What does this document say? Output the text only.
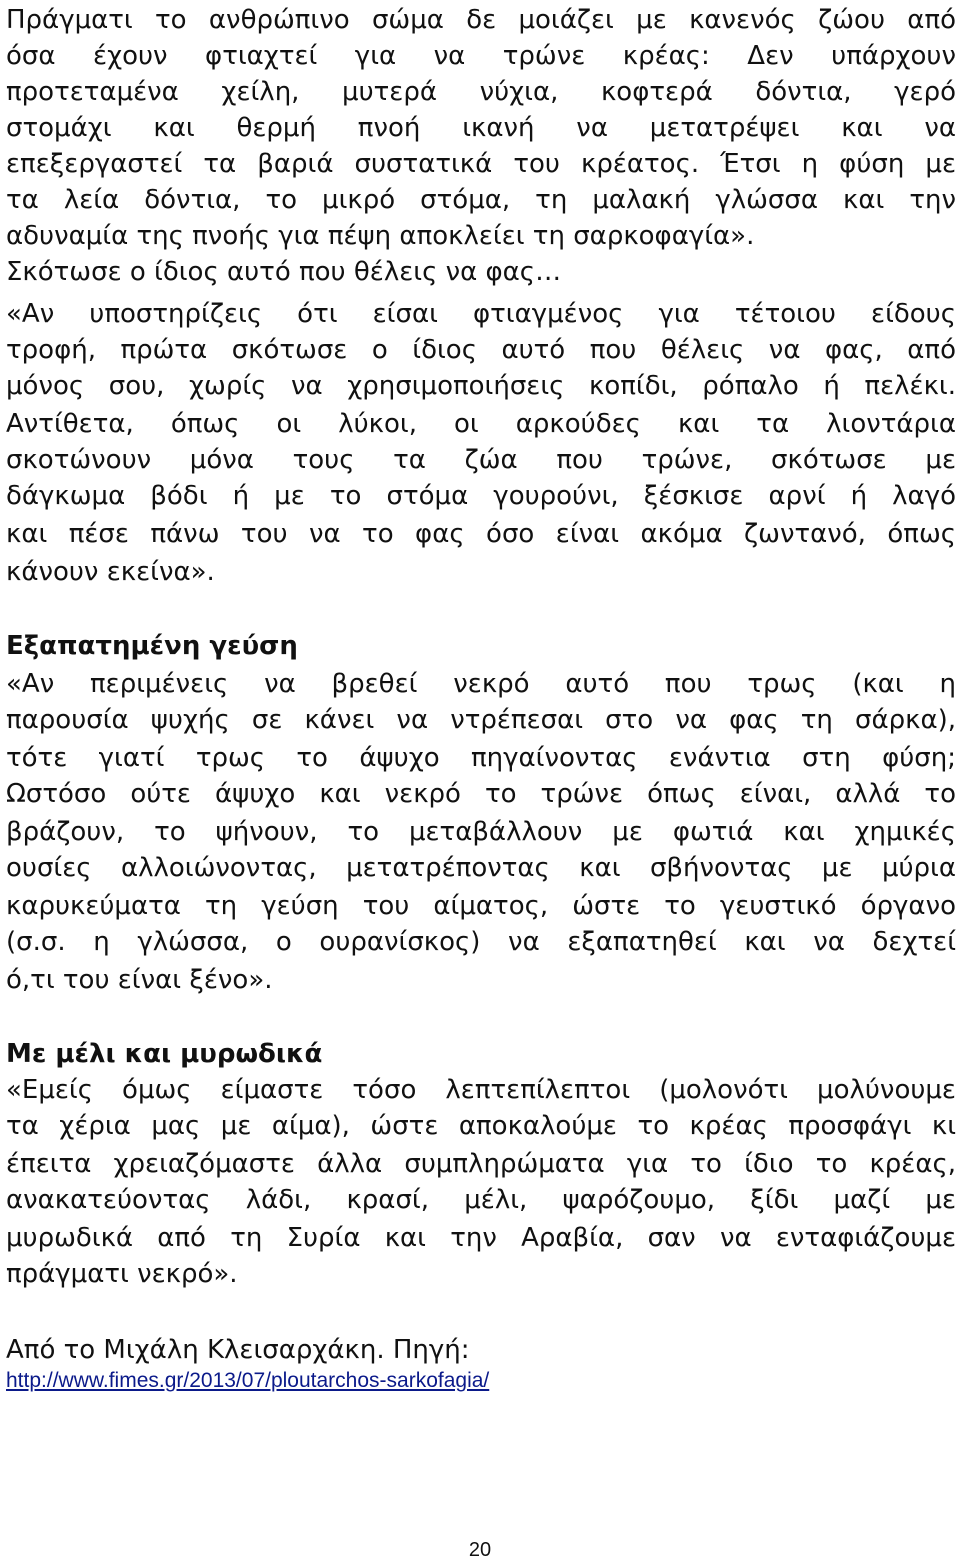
Πράγματι το ανθρώπινο σώμα δε μοιάζει με κανενός ζώου από
όσα έχουν φτιαχτεί για να τρώνε κρέας: Δεν υπάρχουν
προτεταμένα χείλη, μυτερά νύχια, κοφτερά δόντια, γερό
στομάχι και θερμή πνοή ικανή να μετατρέψει και να
επεξεργαστεί τα βαριά συστατικά του κρέατος. Έτσι η φύση με
τα λεία δόντια, το μικρό στόμα, τη μαλακή γλώσσα και την
αδυναμία της πνοής για πέψη αποκλείει τη σαρκοφαγία».
Σκότωσε ο ίδιος αυτό που θέλεις να φας…
«Αν υποστηρίζεις ότι είσαι φτιαγμένος για τέτοιου είδους
τροφή, πρώτα σκότωσε ο ίδιος αυτό που θέλεις να φας, από
μόνος σου, χωρίς να χρησιμοποιήσεις κοπίδι, ρόπαλο ή πελέκι.
Αντίθετα, όπως οι λύκοι, οι αρκούδες και τα λιοντάρια
σκοτώνουν μόνα τους τα ζώα που τρώνε, σκότωσε με
δάγκωμα βόδι ή με το στόμα γουρούνι, ξέσκισε αρνί ή λαγό
και πέσε πάνω του να το φας όσο είναι ακόμα ζωντανό, όπως
κάνουν εκείνα».
Εξαπατημένη γεύση
«Αν περιμένεις να βρεθεί νεκρό αυτό που τρως (και η
παρουσία ψυχής σε κάνει να ντρέπεσαι στο να φας τη σάρκα),
τότε γιατί τρως το άψυχο πηγαίνοντας ενάντια στη φύση;
Ωστόσο ούτε άψυχο και νεκρό το τρώνε όπως είναι, αλλά το
βράζουν, το ψήνουν, το μεταβάλλουν με φωτιά και χημικές
ουσίες αλλοιώνοντας, μετατρέποντας και σβήνοντας με μύρια
καρυκεύματα τη γεύση του αίματος, ώστε το γευστικό όργανο
(σ.σ. η γλώσσα, ο ουρανίσκος) να εξαπατηθεί και να δεχτεί
ό,τι του είναι ξένο».
Με μέλι και μυρωδικά
«Εμείς όμως είμαστε τόσο λεπτεπίλεπτοι (μολονότι μολύνουμε
τα χέρια μας με αίμα), ώστε αποκαλούμε το κρέας προσφάγι κι
έπειτα χρειαζόμαστε άλλα συμπληρώματα για το ίδιο το κρέας,
ανακατεύοντας λάδι, κρασί, μέλι, ψαρόζουμο, ξίδι μαζί με
μυρωδικά από τη Συρία και την Αραβία, σαν να ενταφιάζουμε
πράγματι νεκρό».
Από το Μιχάλη Κλεισαρχάκη. Πηγή:
http://www.fimes.gr/2013/07/ploutarchos-sarkofagia/
20
